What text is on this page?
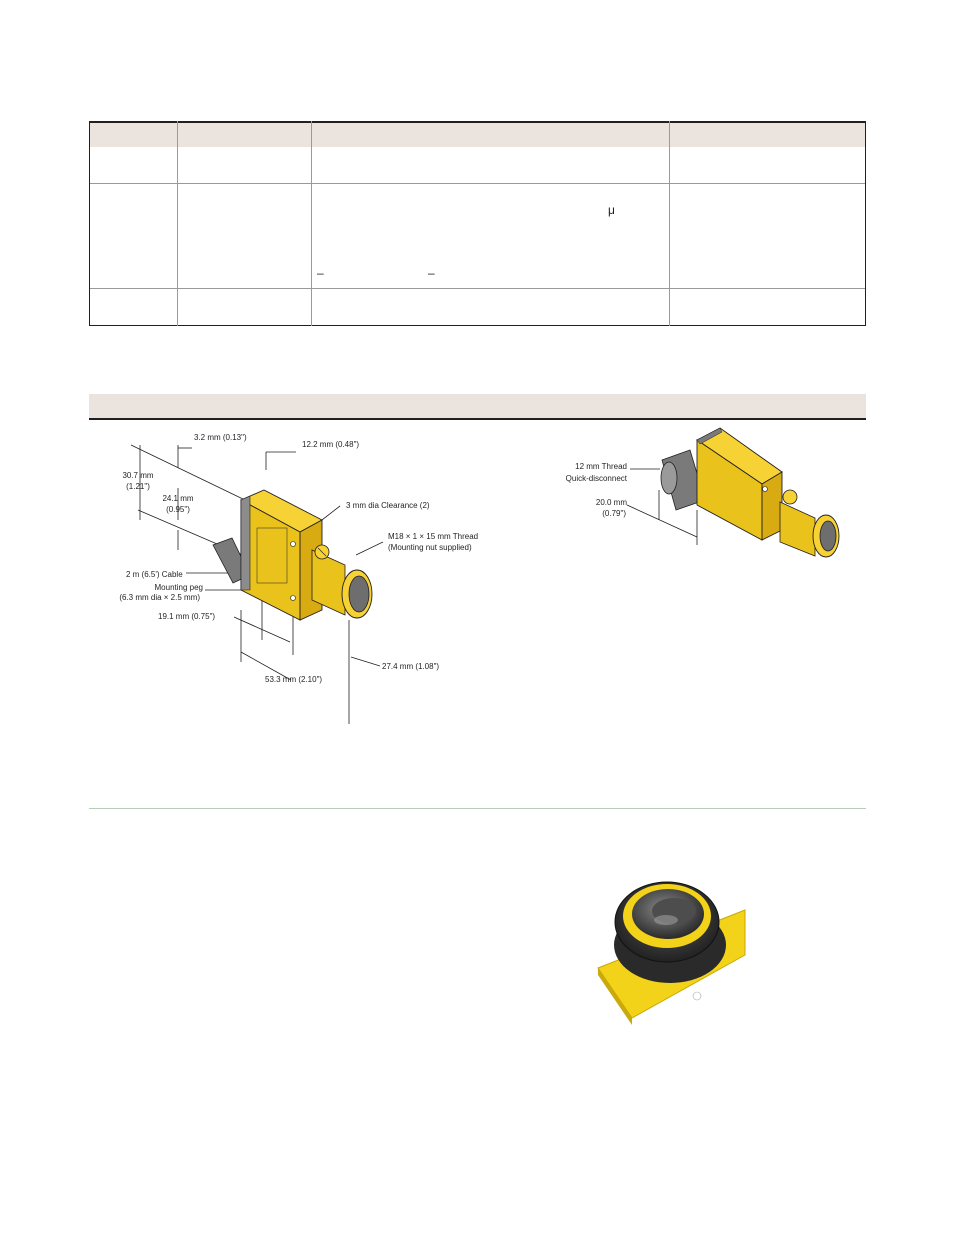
μ
–	–
3.2 mm (0.13")
12.2 mm (0.48")
30.7 mm
(1.21")
24.1 mm
(0.95")	3 mm dia Clearance (2)
M18 × 1 × 15 mm Thread
(Mounting nut supplied)
2 m (6.5') Cable
Mounting peg
(6.3 mm dia × 2.5 mm)
19.1 mm (0.75")
27.4 mm (1.08")
53.3 mm (2.10")
12 mm Thread
Quick-disconnect
20.0 mm
(0.79")
